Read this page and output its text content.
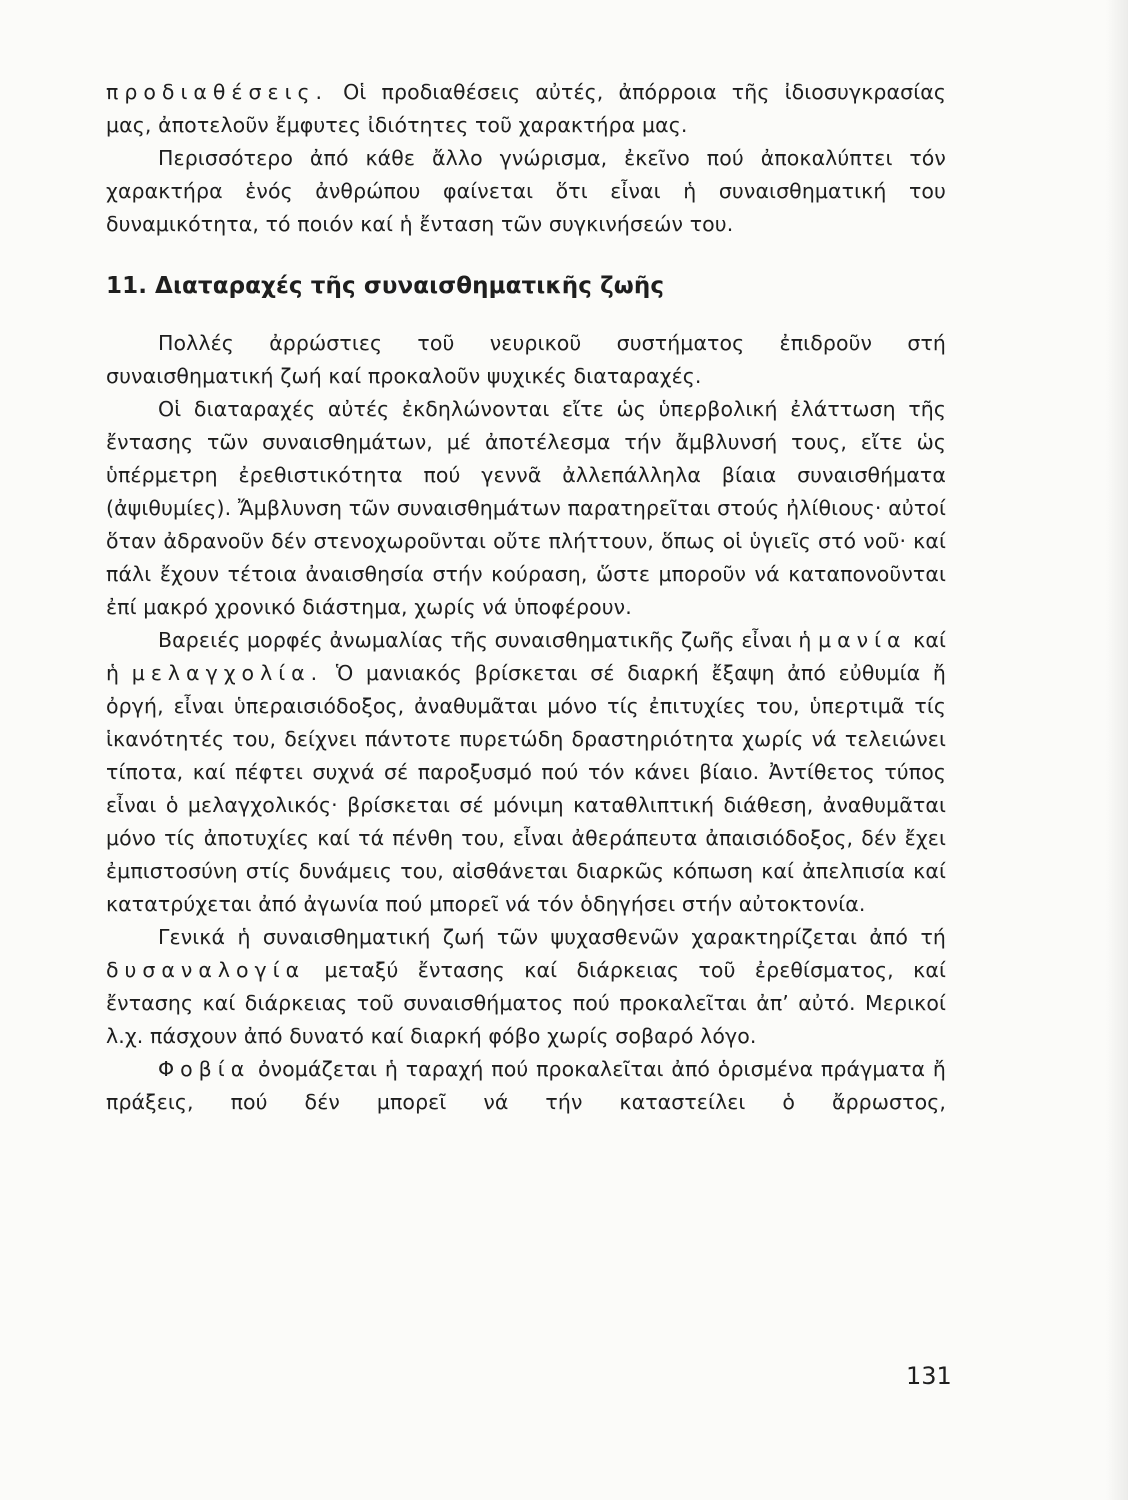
προδιαθέσεις. Οἱ προδιαθέσεις αὐτές, ἀπόρροια τῆς ἰδιοσυγκρασίας μας, ἀποτελοῦν ἔμφυτες ἰδιότητες τοῦ χαρακτήρα μας.

Περισσότερο ἀπό κάθε ἄλλο γνώρισμα, ἐκεῖνο πού ἀποκαλύπτει τόν χαρακτήρα ἑνός ἀνθρώπου φαίνεται ὅτι εἶναι ἡ συναισθηματική του δυναμικότητα, τό ποιόν καί ἡ ἔνταση τῶν συγκινήσεών του.

11. Διαταραχές τῆς συναισθηματικῆς ζωῆς

Πολλές ἀρρώστιες τοῦ νευρικοῦ συστήματος ἐπιδροῦν στή συναισθηματική ζωή καί προκαλοῦν ψυχικές διαταραχές.

Οἱ διαταραχές αὐτές ἐκδηλώνονται εἴτε ὡς ὑπερβολική ἐλάττωση τῆς ἔντασης τῶν συναισθημάτων, μέ ἀποτέλεσμα τήν ἄμβλυνσή τους, εἴτε ὡς ὑπέρμετρη ἐρεθιστικότητα πού γεννᾶ ἀλλεπάλληλα βίαια συναισθήματα (ἀψιθυμίες). Ἄμβλυνση τῶν συναισθημάτων παρατηρεῖται στούς ἠλίθιους· αὐτοί ὅταν ἀδρανοῦν δέν στενοχωροῦνται οὔτε πλήττουν, ὅπως οἱ ὑγιεῖς στό νοῦ· καί πάλι ἔχουν τέτοια ἀναισθησία στήν κούραση, ὥστε μποροῦν νά καταπονοῦνται ἐπί μακρό χρονικό διάστημα, χωρίς νά ὑποφέρουν.

Βαρειές μορφές ἀνωμαλίας τῆς συναισθηματικῆς ζωῆς εἶναι ἡ μανία καί ἡ μελαγχολία. Ὁ μανιακός βρίσκεται σέ διαρκή ἔξαψη ἀπό εὐθυμία ἤ ὀργή, εἶναι ὑπεραισιόδοξος, ἀναθυμᾶται μόνο τίς ἐπιτυχίες του, ὑπερτιμᾶ τίς ἱκανότητές του, δείχνει πάντοτε πυρετώδη δραστηριότητα χωρίς νά τελειώνει τίποτα, καί πέφτει συχνά σέ παροξυσμό πού τόν κάνει βίαιο. Ἀντίθετος τύπος εἶναι ὁ μελαγχολικός· βρίσκεται σέ μόνιμη καταθλιπτική διάθεση, ἀναθυμᾶται μόνο τίς ἀποτυχίες καί τά πένθη του, εἶναι ἀθεράπευτα ἀπαισιόδοξος, δέν ἔχει ἐμπιστοσύνη στίς δυνάμεις του, αἰσθάνεται διαρκῶς κόπωση καί ἀπελπισία καί κατατρύχεται ἀπό ἀγωνία πού μπορεῖ νά τόν ὁδηγήσει στήν αὐτοκτονία.

Γενικά ἡ συναισθηματική ζωή τῶν ψυχασθενῶν χαρακτηρίζεται ἀπό τή δυσαναλογία μεταξύ ἔντασης καί διάρκειας τοῦ ἐρεθίσματος, καί ἔντασης καί διάρκειας τοῦ συναισθήματος πού προκαλεῖται ἀπ’ αὐτό. Μερικοί λ.χ. πάσχουν ἀπό δυνατό καί διαρκή φόβο χωρίς σοβαρό λόγο.

Φοβία ὀνομάζεται ἡ ταραχή πού προκαλεῖται ἀπό ὁρισμένα πράγματα ἤ πράξεις, πού δέν μπορεῖ νά τήν καταστείλει ὁ ἄρρωστος,

131
